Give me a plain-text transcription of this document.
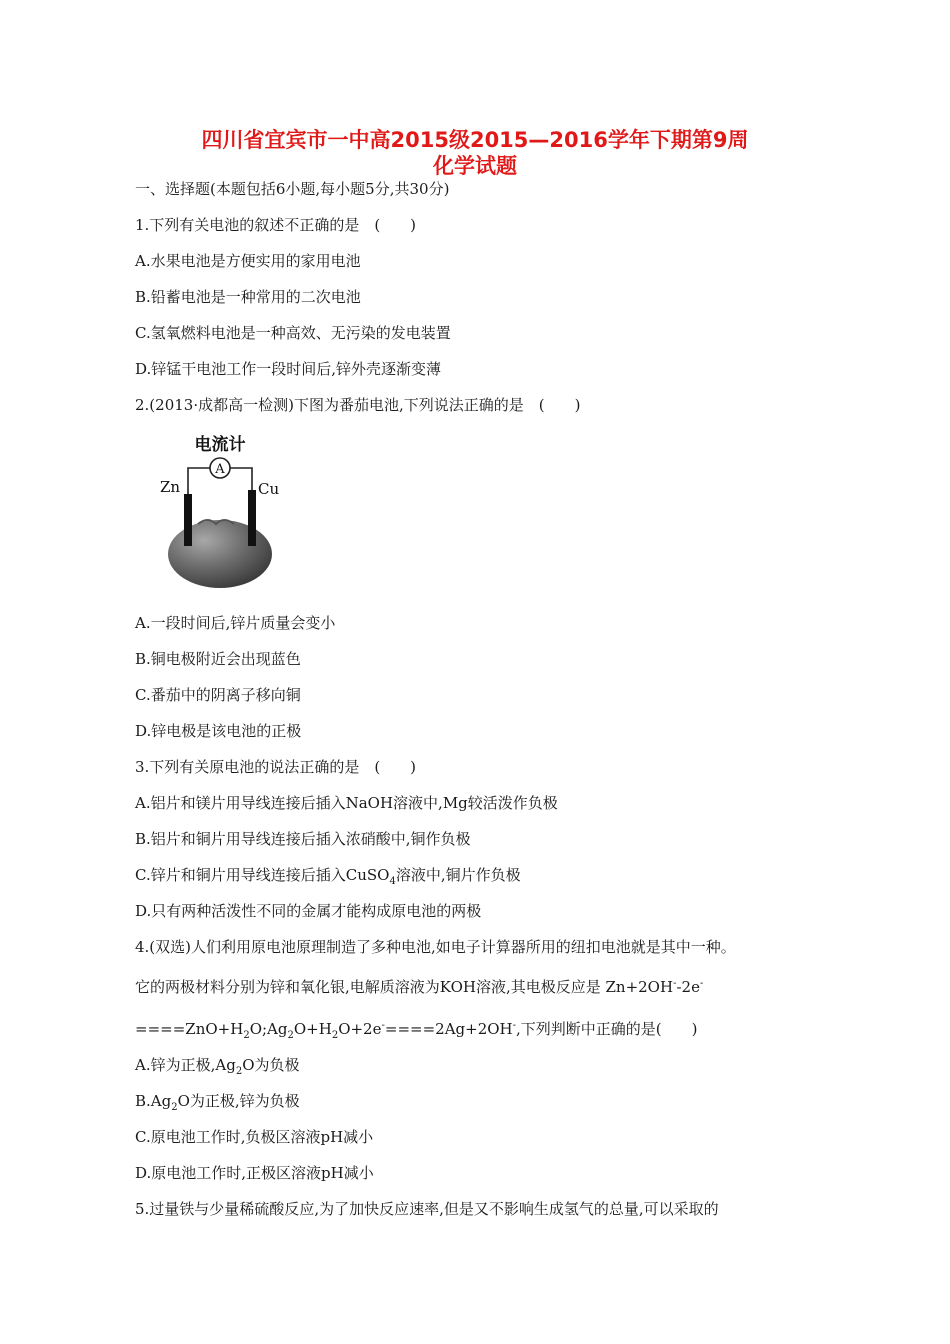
四川省宜宾市一中高2015级2015—2016学年下期第9周
化学试题
一、选择题(本题包括6小题,每小题5分,共30分)
1.下列有关电池的叙述不正确的是　(　　)
A.水果电池是方便实用的家用电池
B.铅蓄电池是一种常用的二次电池
C.氢氧燃料电池是一种高效、无污染的发电装置
D.锌锰干电池工作一段时间后,锌外壳逐渐变薄
2.(2013·成都高一检测)下图为番茄电池,下列说法正确的是　(　　)
电流计
A
Zn	Cu
A.一段时间后,锌片质量会变小
B.铜电极附近会出现蓝色
C.番茄中的阴离子移向铜
D.锌电极是该电池的正极
3.下列有关原电池的说法正确的是　(　　)
A.铝片和镁片用导线连接后插入NaOH溶液中,Mg较活泼作负极
B.铝片和铜片用导线连接后插入浓硝酸中,铜作负极
C.锌片和铜片用导线连接后插入CuSO$_4$溶液中,铜片作负极
D.只有两种活泼性不同的金属才能构成原电池的两极
4.(双选)人们利用原电池原理制造了多种电池,如电子计算器所用的纽扣电池就是其中一种。
它的两极材料分别为锌和氧化银,电解质溶液为KOH溶液,其电极反应是 Zn+2OH--2e-
$====ZnO+H_2O;Ag_2O+H_2O+2e^-====2Ag+2OH^-$,下列判断中正确的是(　　)
A.锌为正极$,Ag_2O$为负极
$B.Ag_2O$为正极,锌为负极
C.原电池工作时,负极区溶液pH减小
D.原电池工作时,正极区溶液pH减小
5.过量铁与少量稀硫酸反应,为了加快反应速率,但是又不影响生成氢气的总量,可以采取的
